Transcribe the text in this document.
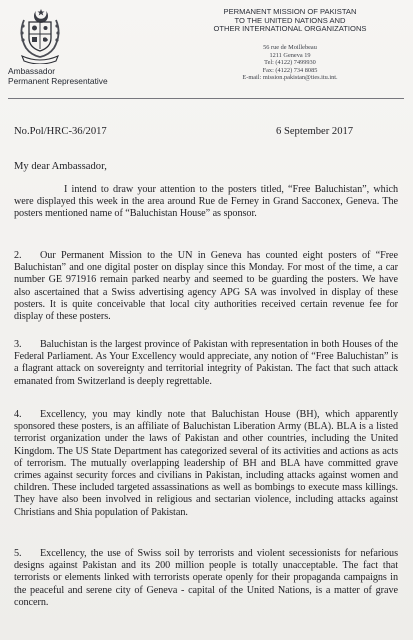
Ambassador
Permanent Representative
PERMANENT MISSION OF PAKISTAN
TO THE UNITED NATIONS AND
OTHER INTERNATIONAL ORGANIZATIONS
56 rue de Moillebeau
1211 Geneva 19
Tel: (4122) 7499930
Fax: (4122) 734 8085
E-mail: mission.pakistan@ties.itu.int.
No.Pol/HRC-36/2017	6 September 2017
My dear Ambassador,

I intend to draw your attention to the posters titled, “Free Baluchistan”, which were displayed this week in the area around Rue de Ferney in Grand Sacconex, Geneva. The posters mentioned name of “Baluchistan House” as sponsor.

2. Our Permanent Mission to the UN in Geneva has counted eight posters of “Free Baluchistan” and one digital poster on display since this Monday. For most of the time, a car number GE 971916 remain parked nearby and seemed to be guarding the posters. We have also ascertained that a Swiss advertising agency APG SA was involved in display of these posters. It is quite conceivable that local city authorities received certain revenue fee for display of these posters.

3. Baluchistan is the largest province of Pakistan with representation in both Houses of the Federal Parliament. As Your Excellency would appreciate, any notion of “Free Baluchistan” is a flagrant attack on sovereignty and territorial integrity of Pakistan. The fact that such attack emanated from Switzerland is deeply regrettable.

4. Excellency, you may kindly note that Baluchistan House (BH), which apparently sponsored these posters, is an affiliate of Baluchistan Liberation Army (BLA). BLA is a listed terrorist organization under the laws of Pakistan and other countries, including the United Kingdom. The US State Department has categorized several of its activities and actions as acts of terrorism. The mutually overlapping leadership of BH and BLA have committed grave crimes against security forces and civilians in Pakistan, including attacks against women and children. These included targeted assassinations as well as bombings to execute mass killings. They have also been involved in religious and sectarian violence, including attacks against Christians and Shia population of Pakistan.

5. Excellency, the use of Swiss soil by terrorists and violent secessionists for nefarious designs against Pakistan and its 200 million people is totally unacceptable. The fact that terrorists or elements linked with terrorists operate openly for their propaganda campaigns in the peaceful and serene city of Geneva - capital of the United Nations, is a matter of grave concern.
